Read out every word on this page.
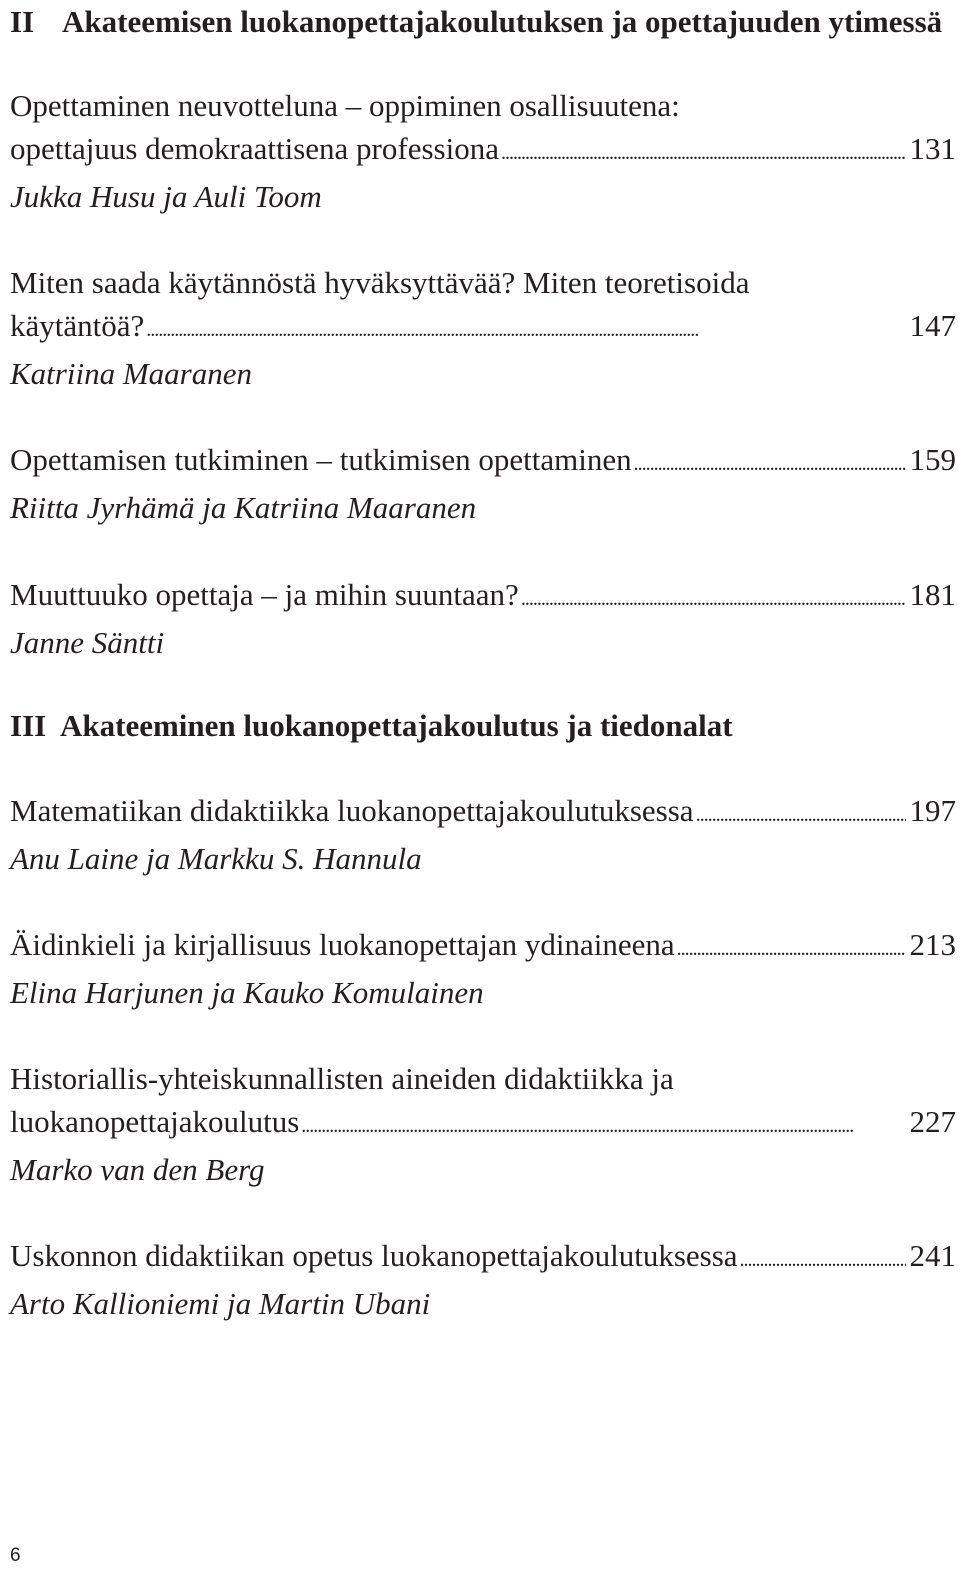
II Akateemisen luokanopettajakoulutuksen ja opettajuuden ytimessä
Opettaminen neuvotteluna – oppiminen osallisuutena:
opettajuus demokraattisena professiona . . .	131
Jukka Husu ja Auli Toom
Miten saada käytännöstä hyväksyttävää? Miten teoretisoida
käytäntöä? . . .	147
Katriina Maaranen
Opettamisen tutkiminen – tutkimisen opettaminen . . .	159
Riitta Jyrhämä ja Katriina Maaranen
Muuttuuko opettaja – ja mihin suuntaan? . . .	181
Janne Säntti
III Akateeminen luokanopettajakoulutus ja tiedonalat
Matematiikan didaktiikka luokanopettajakoulutuksessa . . .	197
Anu Laine ja Markku S. Hannula
Äidinkieli ja kirjallisuus luokanopettajan ydinaineena . . .	213
Elina Harjunen ja Kauko Komulainen
Historiallis-yhteiskunnallisten aineiden didaktiikka ja
luokanopettajakoulutus . . .	227
Marko van den Berg
Uskonnon didaktiikan opetus luokanopettajakoulutuksessa . . .	241
Arto Kallioniemi ja Martin Ubani
6
